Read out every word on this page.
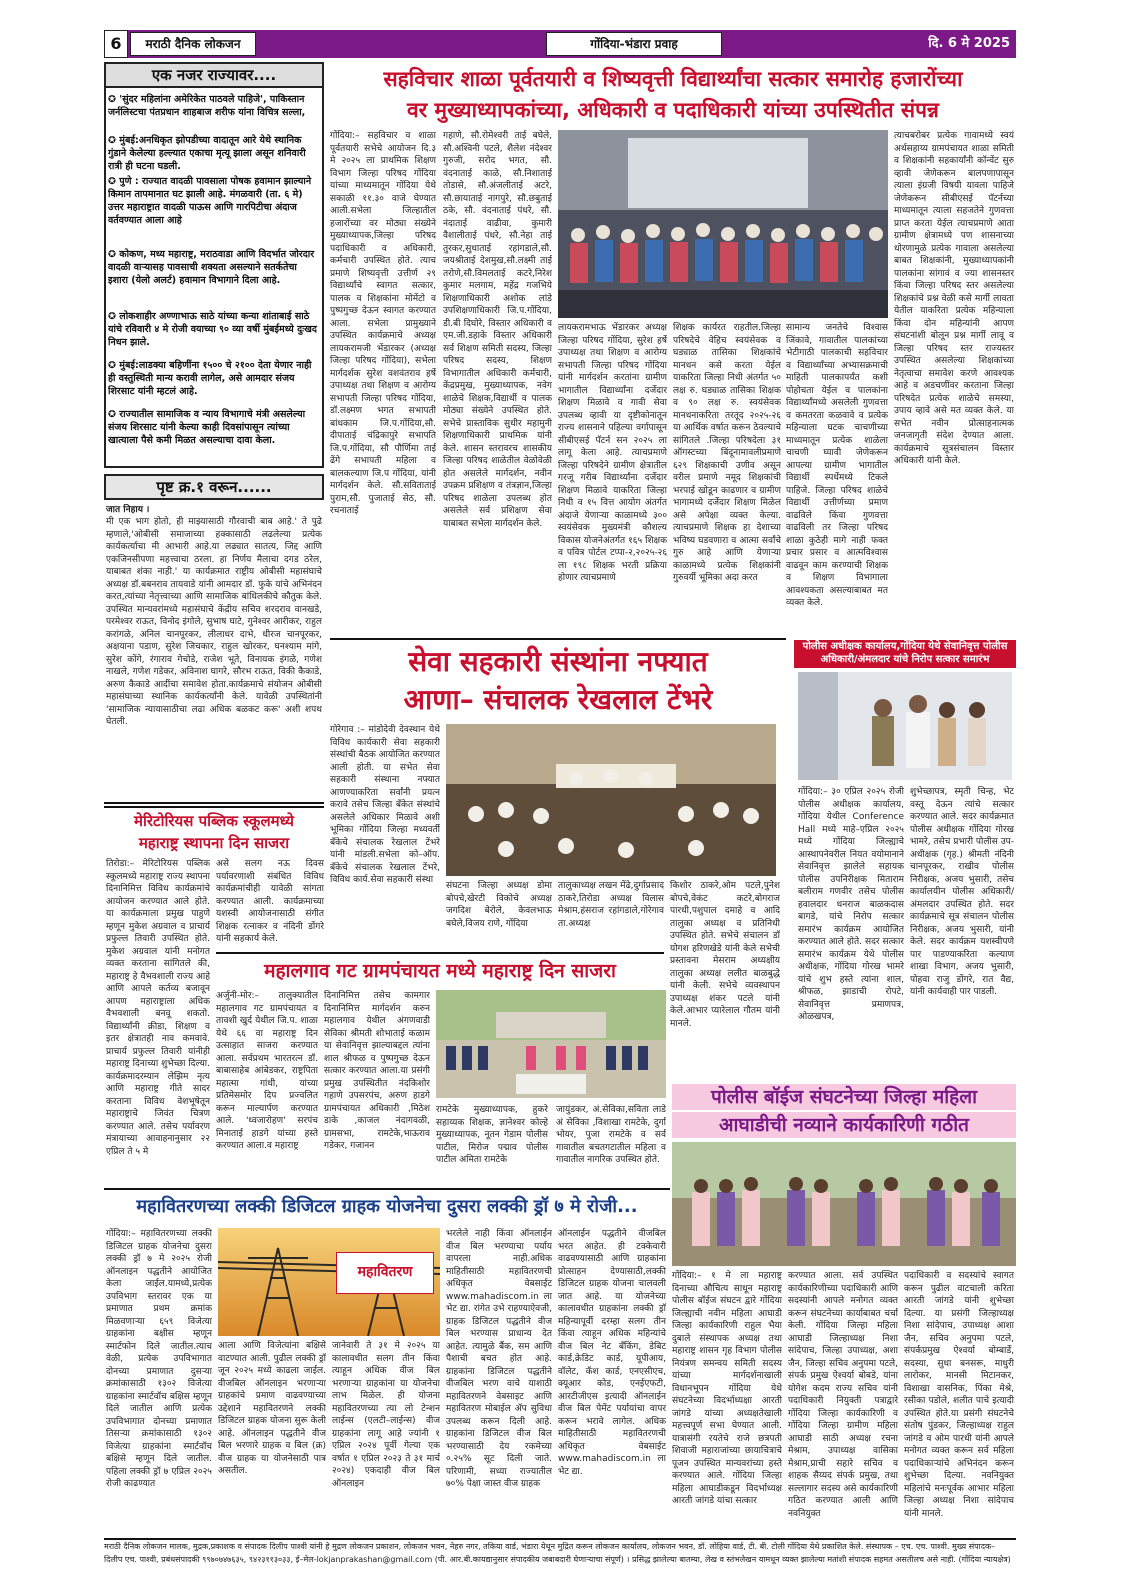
6	मराठी दैनिक लोकजन	गोंदिया-भंडारा प्रवाह	दि. 6 मे 2025
एक नजर राज्यावर....
✪ 'सुंदर महिलांना अमेरिकेत पाठवले पाहिजे', पाकिस्तान जर्नलिस्टचा पंतप्रधान शाहबाज शरीफ यांना विचित्र सल्ला,
✪ मुंबई:अनधिकृत झोपडीच्या वादातून आरे येथे स्थानिक गुंडाने केलेल्या हल्ल्यात एकाचा मृत्यू झाला असून शनिवारी रात्री ही घटना घडली.
✪ पुणे : राज्यात वादळी पावसाला पोषक हवामान झाल्याने किमान तापमानात घट झाली आहे. मंगळवारी (ता. ६ मे) उत्तर महाराष्ट्रात वादळी पाऊस आणि गारपिटीचा अंदाज वर्तवण्यात आला आहे
✪ कोकण, मध्य महाराष्ट्र, मराठवाडा आणि विदर्भात जोरदार वादळी वाऱ्यासह पावसाची शक्यता असल्याने सतर्कतेचा इशारा (येलो अलर्ट) हवामान विभागाने दिला आहे.
✪ लोकशाहीर अण्णाभाऊ साठे यांच्या कन्या शांताबाई साठे यांचे रविवारी ४ मे रोजी वयाच्या ९० व्या वर्षी मुंबईमध्ये दुःखद निधन झाले.
✪ मुंबई:लाडक्या बहिणींना १५०० चे २१०० देता येणार नाही ही वस्तुस्थिती मान्य करावी लागेल, असे आमदार संजय शिरसाट यांनी म्हटलं आहे.
✪ राज्यातील सामाजिक व न्याय विभागाचे मंत्री असलेल्या संजय शिरसाट यांनी केल्या काही दिवसांपासून त्यांच्या खात्याला पैसे कमी मिळत असल्याचा दावा केला.
पृष्ट क्र.१ वरून......
जात निहाय ।
मी एक भाग होतो, ही माझ्यासाठी गौरवाची बाब आहे.' ते पुढे म्हणाले,'ओबीसी समाजाच्या हक्कासाठी लढलेल्या प्रत्येक कार्यकर्त्याचा मी आभारी आहे.या लढ्यात सातत्य, जिद्द आणि एकजिनसीपणा महत्त्वाचा ठरला. हा निर्णय मैलाचा दगड ठरेल, याबाबत शंका नाही.' या कार्यक्रमात राष्ट्रीय ओबीसी महासंघाचे अध्यक्ष डॉ.बबनराव तायवाडे यांनी आमदार डॉ. फुके यांचे अभिनंदन करत,त्यांच्या नेतृत्त्वाच्या आणि सामाजिक बांधिलकीचे कौतुक केले. उपस्थित मान्यवरांमध्ये महासंघाचे केंद्रीय सचिव शरदराव वानखडे, परमेश्वर राऊत, विनोद इंगोले, सुभाष घाटे, गुनेश्वर आरीकर, राहुल करांगळे, अनिल चानपूरकर, लीलाधर दाभे, धीरज चानपूरकर, अक्षयाना पडाण, सुरेश जिचकार, राहुल खोरकर, घनश्याम मांगे, सुरेश कोंगे, रंगाराव गेचोडे, राजेश भूते, विनायक इंगळे, गणेश नाखले, गणेश गडेकर, अविनाश घागरे, सौरभ राऊत, विकी कैकाडे, अरुण कैकाडे आदींचा समावेश होता.कार्यक्रमाचे संयोजन ओबीसी महासंघाच्या स्थानिक कार्यकर्त्यांनी केले. यावेळी उपस्थितांनी 'सामाजिक न्यायासाठीचा लढा अधिक बळकट करू' अशी शपथ घेतली.
सहविचार शाळा पूर्वतयारी व शिष्यवृत्ती विद्यार्थ्यांचा सत्कार समारोह हजारोंच्या
वर मुख्याध्यापकांच्या, अधिकारी व पदाधिकारी यांच्या उपस्थितीत संपन्न
गोंदिया:– सहविचार व शाळा पूर्वतयारी सभेचे आयोजन दि.३ मे २०२५ ला प्राथमिक शिक्षण विभाग जिल्हा परिषद गोंदिया यांच्या माध्यमातून गोंदिया येथे सकाळी ११.३० वाजे घेण्यात आली.सभेला जिल्हातील हजारोंच्या वर मोठ्या संख्येने मुख्याध्यापक,जिल्हा परिषद पदाधिकारी व अधिकारी, कर्मचारी उपस्थित होते. त्याच प्रमाणे शिष्यवृत्ती उत्तीर्ण २९ विद्यार्थ्यांचे स्वागत सत्कार, पालक व शिक्षकांना मोमेंटो व पुष्पगुच्छ देऊन स्वागत करण्यात आला. सभेला प्रामुख्याने उपस्थित कार्यक्रमाचे अध्यक्ष लायकरामजी भेंडारकर (अध्यक्ष जिल्हा परिषद गोंदिया), सभेला मार्गदर्शक सुरेश वशवंतराव हर्षे उपाध्यक्ष तथा शिक्षण व आरोग्य सभापती जिल्हा परिषद गोंदिया, डॉ.लक्ष्मण भगत सभापती बांधकाम जि.प.गोंदिया,सौ. दीपाताई चंद्रिकापुरे सभापति जि.प.गोंदिया, सौ पौर्णिमा ताई ढेंगे सभापती महिला व बालकल्याण जि.प गोंदिया, यांनी मार्गदर्शन केले. सौ.सविताताई पुराम,सौ. पुजाताई सेठ, सौ. रचनाताई
गहाणे, सौ.रोमेश्वरी ताई बघेले, सौ.अश्विनी पटले, शैलेश नंदेश्वर गुरुजी, सरोद भगत, सौ. वंदनाताई काळे, सौ.निशाताई तोडासे, सौ.अंजलीताई अटरे, सौ.छायाताई नागपुरे, सौ.छबुताई ठके, सौ. वंदनाताई पंधरे, सौ. नंदाताई वाढीवा, कुमारी वैशालीताई पंधरे, सौ.नेहा ताई तुरकर,सुधाताई रहांगडाले,सौ. जयश्रीताई देशमुख,सौ.लक्ष्मी ताई तरोणे,सौ.विमलताई कटरे,निरेश कुमार मलगाम, महेंद्र गजभिये शिक्षणाधिकारी अशोक लांडे उपशिक्षणाधिकारी जि.प.गोंदिया, डी.बी दिघोरे, विस्तार अधिकारी व एम.जी.डहाके विस्तार अधिकारी सर्व शिक्षण समिती सदस्य, जिल्हा परिषद सदस्य, शिक्षण विभागातील अधिकारी कर्मचारी, केंद्रप्रमुख, मुख्याध्यापक, नवेग शाळेचे शिक्षक,विद्यार्थी व पालक मोठ्या संख्येने उपस्थित होते. सभेचे प्रास्ताविक सुधीर महामुनी शिक्षणाधिकारी प्राथमिक यांनी केले. शासन स्तरावरच शासकीय जिल्हा परिषद शाळेतील वेळोवेळी होत असलेले मार्गदर्शन, नवीन उपक्रम प्रशिक्षण व तंत्रज्ञान,जिल्हा परिषद शाळेला उपलब्ध होत असलेले सर्व प्रशिक्षण सेवा याबाबत सभेला मार्गदर्शन केले.
लायकरामभाऊ भेंडारकर अध्यक्ष जिल्हा परिषद गोंदिया, सुरेश हर्षे उपाध्यक्ष तथा शिक्षण व आरोग्य सभापती जिल्हा परिषद गोंदिया यांनी मार्गदर्शन करतांना ग्रामीण भागातील विद्यार्थ्यांना दर्जेदार शिक्षण मिळावे व गावी सेवा उपलब्ध व्हावी या दृष्टीकोनातून राज्य शासनाने पहिल्या वर्गापासून सीबीएसई पॅटर्न सन २०२५ ला लागू केला आहे. त्याचप्रमाणे जिल्हा परिषदेने ग्रामीण क्षेत्रातील गरजू गरीब विद्यार्थ्यांना दर्जेदार शिक्षण मिळावे याकरिता जिल्हा निधी व १५ वित्त आयोग अंतर्गत अंदाजे येणाऱ्या काळामध्ये ३०० स्वयंसेवक मुख्यमंत्री कौशल्य विकास योजनेअंतर्गत १६५ शिक्षक व पवित्र पोर्टल टप्पा-२,२०२५-२६ ला १९८ शिक्षक भरती प्रक्रिया होणार त्याचप्रमाणे
शिक्षक कार्यरत राहतील.जिल्हा परिषदेचे वेहिच स्वयंसेवक व घड्याळ तासिका शिक्षकांचे मानधन कसे करता येईल याकरिता जिल्हा निधी अंतर्गत ५० लक्ष रु. घड्याळ तासिका शिक्षक व ९० लक्ष रु. स्वयंसेवक मानधनाकरिता तरतूद २०२५-२६ या आर्थिक वर्षात करून ठेवल्याचे सांगितले .जिल्हा परिषदेला ३१ ऑगस्टच्या बिंदूनामावलीप्रमाणे ६२९ शिक्षकाची उणीव असून वरील प्रमाणे नमूद शिक्षकांची भरपाई खोडून काढणार व ग्रामीण भागामध्ये दर्जेदार शिक्षण मिळेल असे अपेक्षा व्यक्त केल्या. त्याचप्रमाणे शिक्षक हा देशाच्या भविष्य घडवणारा व आत्मा सर्वांचे गुरु आहे आणि येणाऱ्या काळामध्ये प्रत्येक शिक्षकांनी गुरुवर्यी भूमिका अदा करत
सामान्य जनतेचे विश्वास जिंकावे, गावातील पालकांच्या भेटीगाठी पालकाची सहविचार व विद्यार्थ्यांच्या अभ्यासक्रमाची माहिती पालकापर्यंत कशी पोहोचता येईल व पालकांना विद्यार्थ्यांमध्ये असलेली गुणवत्ता व कमतरता कळवावे व प्रत्येक महिन्याला घटक चाचणीच्या माध्यमातून प्रत्येक शाळेला चाचणी घ्यावी जेणेकरून आपल्या ग्रामीण भागातील विद्यार्थी स्पर्धेमध्ये टिकले पाहिजे. जिल्हा परिषद शाळेचे विद्यार्थी उत्तीर्णच्या प्रमाण वाढविले किंवा गुणवत्ता वाढविली तर जिल्हा परिषद शाळा कुठेही मागे नाही फक्त प्रचार प्रसार व आत्मविश्वास वाढवून काम करण्याची शिक्षक व शिक्षण विभागाला आवश्यकता असल्याबाबत मत व्यक्त केले.
त्याचबरोबर प्रत्येक गावामध्ये स्वयं अर्थसहाय्य ग्रामपंचायत शाळा समिती व शिक्षकांनी सहकार्यांनी कॉन्वेंट सुरु व्हावी जेणेकरून बालपणापासून त्याला इंग्रजी विषयी यावला पाहिजे जेणेकरून सीबीएसई पॅटर्नच्या माध्यमातून त्याला सहजतेने गुणवत्ता प्राप्त करता येईल त्याचप्रमाणे आता ग्रामीण क्षेत्रामध्ये पण शासनाच्या धोरणामुळे प्रत्येक गावाला असलेल्या बाबत शिक्षकांनी, मुख्याध्यापकांनी पालकांना सांगावं व ज्या शासनस्तर किंवा जिल्हा परिषद स्तर असलेल्या शिक्षकांचे प्रश्न वेळी कसे मार्गी लावता येतील याकरिता प्रत्येक महिन्याला किंवा दोन महिन्यांनी आपण संघटनांशी बोलून प्रश्न मार्गी लावू व जिल्हा परिषद स्तर राज्यस्तर उपस्थित असलेल्या शिक्षकांच्या नेतृत्वाचा समावेश करणे आवश्यक आहे व अडचणींवर करताना जिल्हा परिषदेत प्रत्येक शाळेचे समस्या, उपाय व्हावे असे मत व्यक्त केले. या सभेत नवीन प्रोत्साहनात्मक जनजागृती संदेश देण्यात आला. कार्यक्रमाचे सूत्रसंचालन विस्तार अधिकारी यांनी केले.
सेवा सहकारी संस्थांना नफ्यात
आणा– संचालक रेखलाल टेंभरे
गोरेगाव :– मांडोदेवी देवस्थान येथे विविध कार्यकारी सेवा सहकारी संस्थांची बैठक आयोजित करण्यात आली होती. या सभेत सेवा सहकारी संस्थाना नफ्यात आणण्याकरिता सर्वांनी प्रयत्न करावे तसेच जिल्हा बँकेत संस्थांचे असलेले अधिकार मिळावे अशी भूमिका गोंदिया जिल्हा मध्यवर्ती बँकेचे संचालक रेखलाल टेंभरे यांनी मांडली.सभेला को–ऑप. बँकेचे संचालक रेखलाल टेंभरे, विविध कार्य.सेवा सहकारी संस्था
संघटना जिल्हा अध्यक्ष डोमा बोपचे,खेरटी विकोचे अध्यक्ष जगदिश बेरोले, केवलभाऊ बघेले,विजय राणे, गोंदिया
तालुकाध्यक्ष लखन मेंढे,दुर्गाप्रसाद ठाकरे,तिरोडा अध्यक्ष विलास मेश्राम,हंसराज रहांगडाले,गोरेगाव ता.अध्यक्ष
किशोर ठाकरे,ओम पटले,पुनेश बोपचे,वेकंट कटरे,बोगराज पारधी,पशुपाल दमाहे व आदि तालुका अध्यक्ष व प्रतिनिधी उपस्थित होते. सभेचे संचालन डॉ योगश हरिणखेडे यांनी केले सभेची प्रस्तावना मेसराम अध्यक्षीय तालुका अध्यक्ष ललीत बाळबुद्धे यांनी केली. सभेचे व्यवस्थापन उपाध्यक्ष शंकर पटले यांनी केले.आभार प्यारेलाल गौतम यांनी मानले.
पोलीस अधीक्षक कार्यालय,गोंदिया येथे सेवानिवृत्त पोलीस
अधिकारी/अंमलदार यांचे निरोप सत्कार समारंभ
गोंदिया:– ३० एप्रिल २०२५ रोजी पोलीस अधीक्षक कार्यालय, गोंदिया येथील Conference Hall मध्ये माहे–एप्रिल २०२५ मध्ये गोंदिया जिल्ह्याचे आस्थापनेवरील नियत वयोमानाने सेवानिवृत्त झालेले सहायक पोलीस उपनिरीक्षक मिताराम बलीराम गणवीर तसेच पोलीस हवालदार धनराज बाळकदास बागडे, यांचे निरोप सत्कार समारंभ कार्यक्रम आयोजित करण्यात आले होते. सदर सत्कार समारंभ कार्यक्रम येथे पोलीस अधीक्षक, गोंदिया गोरख भामरे यांचे शुभ हस्ते त्यांना शाल, श्रीफळ, झाडाची रोपटे, सेवानिवृत्त प्रमाणपत्र, ओळखपत्र,
शुभेच्छापत्र, स्मृती चिन्ह, भेट वस्तू देऊन त्यांचे सत्कार करण्यात आले. सदर कार्यक्रमात पोलीस अधीक्षक गोंदिया गोरख भामरे, तसेच प्रभारी पोलीस उप-अधीक्षक (गृह.) श्रीमती नंदिनी चानपूरकर, राखीव पोलीस निरीक्षक, अजय भुसारी, तसेच कार्यालयीन पोलीस अधिकारी/अंमलदार उपस्थित होते. सदर कार्यक्रमाचे सूत्र संचालन पोलीस निरीक्षक, अजय भुसारी, यांनी केले. सदर कार्यक्रम यशस्वीपणे पार पाडण्याकरिता कल्याण शाखा विभाग, अजय भुसारी, पोहवा राजु डोंगरे, रात वैद्य, यांनी कार्यवाही पार पाडली.
मेरिटोरियस पब्लिक स्कूलमध्ये
महाराष्ट्र स्थापना दिन साजरा
तिरोडा:– मेरिटोरियस पब्लिक स्कूलमध्ये महाराष्ट्र राज्य स्थापना दिनानिमित्त विविध कार्यक्रमांचे आयोजन करण्यात आले होते. या कार्यक्रमाला प्रमुख पाहुणे म्हणून मुकेश अग्रवाल व प्राचार्य प्रफुल्ल तिवारी उपस्थित होते. मुकेश अग्रवाल यांनी मनोगत व्यक्त करताना सांगितले की, महाराष्ट्र हे वैभवशाली राज्य आहे आणि आपले कर्तव्य बजावून आपण महाराष्ट्राला अधिक वैभवशाली बनवू शकतो. विद्यार्थ्यांनी क्रीडा, शिक्षण व इतर क्षेत्रातही नाव कमवावे. प्राचार्य प्रफुल्ल तिवारी यांनीही महाराष्ट्र दिनाच्या शुभेच्छा दिल्या. कार्यक्रमादरम्यान लेझिम नृत्य आणि महाराष्ट्र गीते सादर करताना विविध वेशभूषेतून महाराष्ट्राचे जिवंत चित्रण करण्यात आले. तसेच पर्यावरण मंत्रायाच्या आवाहनानुसार २२ एप्रिल ते ५ मे
असे सलग नऊ दिवस पर्यावरणाशी संबंधित विविध कार्यक्रमांचीही यावेळी सांगता करण्यात आली. कार्यक्रमाच्या यशस्वी आयोजनासाठी संगीत शिक्षक रत्नाकर व नंदिनी डोंगरे यांनी सहकार्य केले.
महालगाव गट ग्रामपंचायत मध्ये महाराष्ट्र दिन साजरा
अर्जुनी-मोर:– तालुक्यातील महालगाव गट ग्रामपंचायत व तावशी खुर्द येथील जि.प. शाळा येथे ६६ वा महाराष्ट्र दिन उत्साहात साजरा करण्यात आला. सर्वप्रथम भारतरत्न डॉ. बाबासाहेब आंबेडकर, राष्ट्रपिता महात्मा गांधी, यांच्या प्रतिमेसमोर दिप प्रज्वलित करून माल्यार्पण करण्यात आले. 'ध्वजारोहण' सरपंच मिनाताई हाडगे यांच्या हस्ते करण्यात आला.व महाराष्ट्र
दिनानिमित्त तसेच कामगार दिनानिमित्त मार्गदर्शन करुन महालगाव येथील अंगणवाडी सेविका श्रीमती शोभाताई कळाम या सेवानिवृत्त झाल्याबद्दल त्यांना शाल श्रीफळ व पुष्पगुच्छ देऊन सत्कार करण्यात आला.या प्रसंगी प्रमुख उपस्थितीत नंदकिशोर गहाणे उपसरपंच, अरुण हाडगे ग्रामपंचायत अधिकारी ,मिठेश डाके ,काजल नंदागवळी, ग्रामसभा, रामटेके,भाऊराव गडेकर, गजानन
रामटेके मुख्याध्यापक, हुकरे सहाय्यक शिक्षक, ज्ञानेश्वर कोल्हे मुख्याध्यापक, नूतन गेडाम पोलीस पाटील, मिरोज पद्माव पोलीस पाटील अमिता रामटेके
जायुंडकर, अं.सेविका,सविता लाडे अं सेविका ,विशाखा रामटेके, दुर्गा भोयर, पुजा रामटेके व सर्व गावातील बचतगटातील महिला व गावातील नागरिक उपस्थित होते.
पोलीस बॉईज संघटनेच्या जिल्हा महिला
आघाडीची नव्याने कार्यकारिणी गठीत
महावितरणच्या लक्की डिजिटल ग्राहक योजनेचा दुसरा लक्की ड्रॉ ७ मे रोजी...
गोंदिया:– महावितरणच्या लक्की डिजिटल ग्राहक योजनेचा दुसरा लक्की ड्रॉ ७ मे २०२५ रोजी ऑनलाइन पद्धतीने आयोजित केला जाईल.यामध्ये,प्रत्येक उपविभाग स्तरावर एक या प्रमाणात प्रथम क्रमांक मिळवणाऱ्या ६५९ विजेत्या ग्राहकांना बक्षीस म्हणून स्मार्टफोन दिले जातील.त्याच वेळी, प्रत्येक उपविभागात दोनच्या प्रमाणात दुसऱ्या क्रमांकासाठी १३०२ विजेत्या ग्राहकांना स्मार्टवॉच बक्षिस म्हणून दिले जातील आणि प्रत्येक उपविभागात दोनच्या प्रमाणात तिसऱ्या क्रमांकासाठी १३०२ विजेत्या ग्राहकांना स्मार्टवॉच बक्षिसे म्हणून दिले जातील. पहिला लक्की ड्रॉ ७ एप्रिल २०२५ रोजी काढण्यात
महावितरण
आला आणि विजेत्यांना बक्षिसे वाटण्यात आली. पुढील लक्की ड्रॉ जून २०२५ मध्ये काढला जाईल. वीजबिल ऑनलाइन भरणाऱ्या ग्राहकांचे प्रमाण वाढवण्याच्या उद्देशाने महावितरणने लक्की डिजिटल ग्राहक योजना सुरू केली आहे. ऑनलाइन पद्धतीने वीज बिल भरणारे ग्राहक व बिल (क्र) वीज ग्राहक या योजनेसाठी पात्र असतील.
जानेवारी ते ३१ मे २०२५ या कालावधीत सलग तीन किंवा त्याहून अधिक वीज बिल भरणाऱ्या ग्राहकांना या योजनेचा लाभ मिळेल. ही योजना महावितरणच्या त्या लो टेन्शन लाईन्स (एलटी–लाईन्स) वीज ग्राहकांना लागू आहे ज्यांनी १ एप्रिल २०२४ पूर्वी गेल्या एक वर्षात १ एप्रिल २०२३ ते ३१ मार्च २०२४) एकदाही वीज बिल ऑनलाइन
भरलेले नाही किंवा ऑनलाईन वीज बिल भरण्याचा पर्याय वापरला नाही.अधिक माहितीसाठी महावितरणची अधिकृत वेबसाईट www.mahadiscom.in ला भेट द्या. रांगेत उभे राहण्याऐवजी, ग्राहक डिजिटल पद्धतीने वीज बिल भरण्यास प्राधान्य देत आहेत. त्यामुळे बैंक, सम आणि पैशाची बचत होत आहे. ग्राहकांना डिजिटल पद्धतीने वीजबिल भरण वाचे याशाठी महावितरणने वेबसाइट आणि महावितरण मोबाईल ॲप सुविधा उपलब्ध करून दिली आहे. ग्राहकांना डिजिटल वीज बिल भरण्यासाठी देय रकमेच्या ०.२५% सूट दिली जाते. परिणामी, सध्या राज्यातील ७०% पेक्षा जास्त वीज ग्राहक
ऑनलाईन पद्धतीने वीजबिल भरत आहेत. ही टक्केवारी वाढवण्यासाठी आणि ग्राहकांना प्रोत्साहन देण्यासाठी,लक्की डिजिटल ग्राहक योजना चालवली जात आहे. या योजनेच्या कालावधीत ग्राहकांना लक्की ड्रॉ महिन्यापूर्वी दरम्हा सलग तीन किंवा त्याहून अधिक महिन्यांचे वीज बिल नेट बँकिंग, डेबिट कार्ड,क्रेडिट कार्ड, यूपीआय, वॉलेट, कॅश कार्ड, एनएसीएच, क्यूआर कोड, एनईएफटी, आरटीजीएस इत्यादी ऑनलाईन वीज बिल पेमेंट पर्यायांचा वापर करून भरावे लागेल. अधिक माहितीसाठी महावितरणची अधिकृत वेबसाईट www.mahadiscom.in ला भेट द्या.
गोंदिया:– १ मे ला महाराष्ट्र दिनाच्या औचित्य साधून महाराष्ट्र पोलीस बॉईज संघटन द्वारे गोंदिया जिल्ह्याची नवीन महिला आघाडी जिल्हा कार्यकारिणी राहुल भैया दुबाले संस्थापक अध्यक्ष तथा महाराष्ट्र शासन गृह विभाग पोलीस नियंत्रण समन्वय समिती सदस्य यांच्या मार्गदर्शनाखाली विधानभूपन गोंदिया येथे संघटनेच्या विदर्भाध्यक्षा आरती जांगडे यांच्या अध्यक्षतेखाली महत्त्वपूर्ण सभा घेण्यात आली. यात्रासंगी रयतेचे राजे छत्रपती शिवाजी महाराजांच्या छायाचित्राचे पूजन उपस्थित मान्यवरांच्या हस्ते करण्यात आले. गोंदिया जिल्हा महिला आघाडीकडून विदर्भाध्यक्ष आरती जांगडे यांचा सत्कार
करण्यात आला. सर्व उपस्थित कार्यकारिणीच्या पदाधिकारी आणि सदस्यांनी आपले मनोगत व्यक्त करून संघटनेच्या कार्याबाबत चर्चा केली. गोंदिया जिल्हा महिला आघाडी जिल्हाध्यक्ष निशा सांदेपाच, जिल्हा उपाध्यक्ष, अशा जैन, जिल्हा सचिव अनुपमा पटले, संपर्क प्रमुख ऐश्वर्या बोबडे, यांना योगेश कदम राज्य सचिव यांनी पदाधिकारी नियुक्ती पत्राद्वारे गोंदिया जिल्हा कार्यकारिणी व गोंदिया जिल्हा ग्रामीण महिला आघाडी साठी अध्यक्ष रचना मेश्राम, उपाध्यक्ष वासिका मेश्राम,प्राची सहारे सचिव व शाहक सैय्यद संपर्क प्रमुख, तथा सल्लागार सदस्य असे कार्यकारिणी गठित करण्यात आली आणि नवनियुक्त
पदाधिकारी व सदस्यांचे स्वागत करून पुढील वाटचाली करिता आरती जांगडे यांनी शुभेच्छा दिल्या. या प्रसंगी जिल्हाध्यक्ष निशा सांदेपाच, उपाध्यक्ष आशा जैन, सचिव अनुपमा पटले, संपर्कप्रमुख ऐश्वर्या बोम्बार्डे, सदस्या, सुधा बनसरू, माधुरी लारोकर, मानसी मिटानकर, विशाखा वासनिक, पिंका मेश्रे, रसीका पडोले, शलीत पाचे इत्यादी उपस्थित होते.या प्रसंगी संघटनेचे संतोष पुंडकर, जिल्हाध्यक्ष राहुल जांगडे व ओम पारधी यांनी आपले मनोगत व्यक्त करून सर्व महिला पदाधिकाऱ्यांचे अभिनंदन करून शुभेच्छा दिल्या. नवनियुक्त महिलांचे मनःपूर्वक आभार महिला जिल्हा अध्यक्ष निशा सांदेपाच यांनी मानले.
मराठी दैनिक लोकजन मालक, मुद्रक,प्रकाशक व संपादक दिलीप पाश्वी यांनी हे मुद्रण लोकजन प्रकाशन, लोकजन भवन, नेहरु नगर, तकिया वार्ड, भंडारा येथून मुद्रित करून लोकजन कार्यालय, लोकजन भवन, डॉ. लोहिया वार्ड, टी. बी. टोली गोंदिया येथे प्रकाशित केले. संस्थापक – एच. एच. पाश्वी. मुख्य संपादक–
दिलीप एच. पाश्वी, प्रबंधसंपादकी ९९७०७४७६३५, ९४२३११३०३३, ई–मेल-lokjanprakashan@gmail.com (पी. आर.बी.कायद्यानुसार संपादकीय जबाबदारी घेणाऱ्याचा संपूर्ण) । प्रसिद्ध झालेल्या बातम्या, लेख व स्तंभलेखन यामधून व्यक्त झालेल्या मतांशी संपादक सहमत असतीलच असे नाही. (गोंदिया न्यायक्षेत्र)
